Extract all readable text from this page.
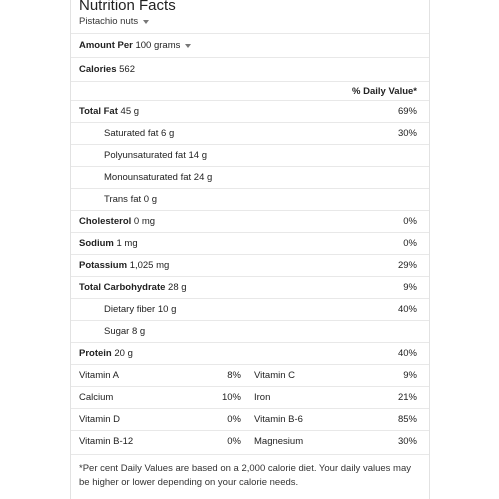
Nutrition Facts
Pistachio nuts
Amount Per
100 grams
Calories 562
% Daily Value*
Total Fat 45 g	69%
Saturated fat 6 g	30%
Polyunsaturated fat 14 g
Monounsaturated fat 24 g
Trans fat 0 g
Cholesterol 0 mg	0%
Sodium 1 mg	0%
Potassium 1,025 mg	29%
Total Carbohydrate 28 g	9%
Dietary fiber 10 g	40%
Sugar 8 g
Protein 20 g	40%
Vitamin A	8% Vitamin C	9%
Calcium	10% Iron	21%
Vitamin D	0% Vitamin B-6	85%
Vitamin B-12	0% Magnesium	30%
*Per cent Daily Values are based on a 2,000 calorie diet. Your daily values may be higher or lower depending on your calorie needs.
